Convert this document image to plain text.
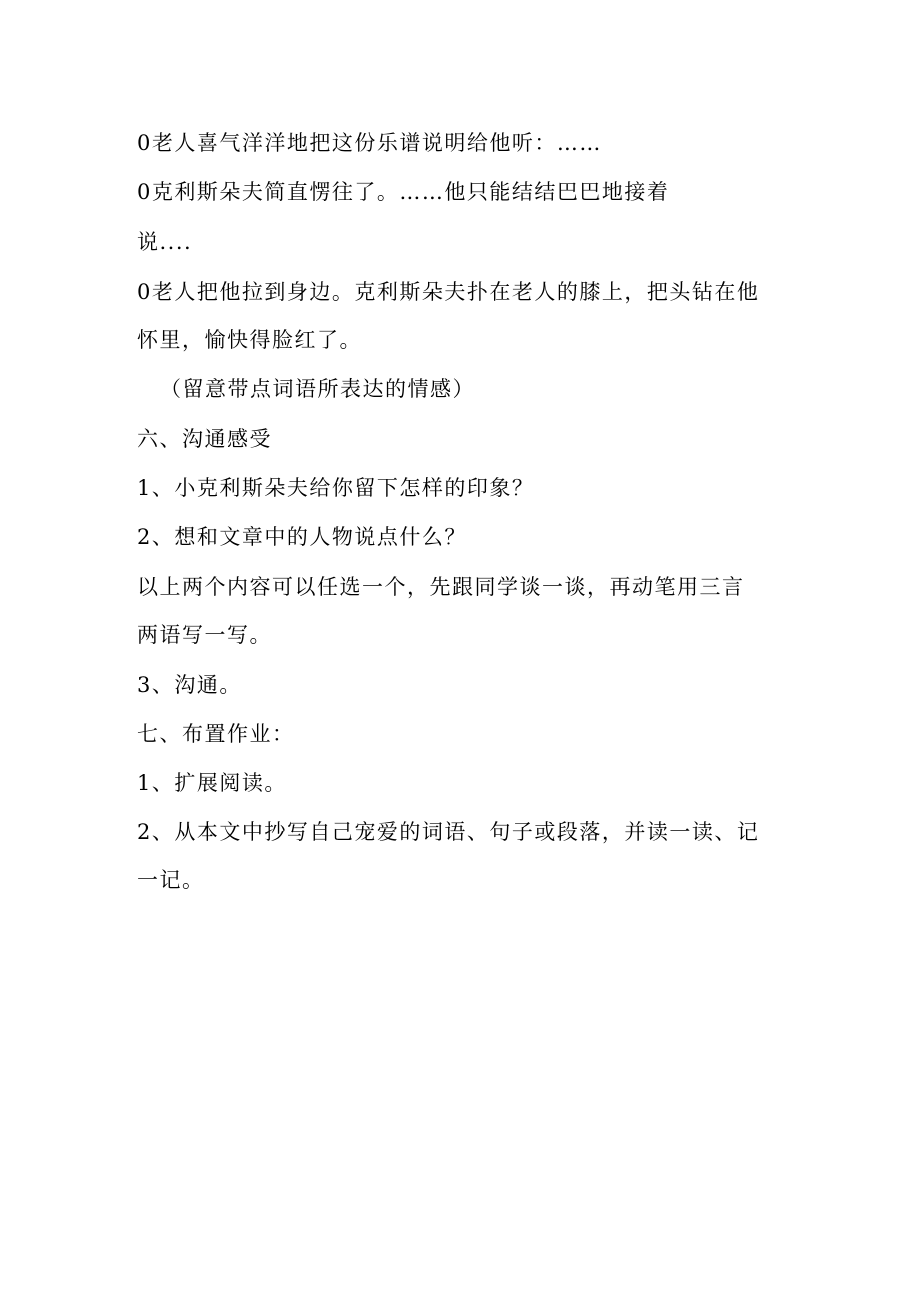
0老人喜气洋洋地把这份乐谱说明给他听：……
0克利斯朵夫简直愣往了。……他只能结结巴巴地接着
说....
0老人把他拉到身边。克利斯朵夫扑在老人的膝上，把头钻在他
怀里，愉快得脸红了。
（留意带点词语所表达的情感）
六、沟通感受
1、小克利斯朵夫给你留下怎样的印象？
2、想和文章中的人物说点什么？
以上两个内容可以任选一个，先跟同学谈一谈，再动笔用三言
两语写一写。
3、沟通。
七、布置作业：
1、扩展阅读。
2、从本文中抄写自己宠爱的词语、句子或段落，并读一读、记
一记。
